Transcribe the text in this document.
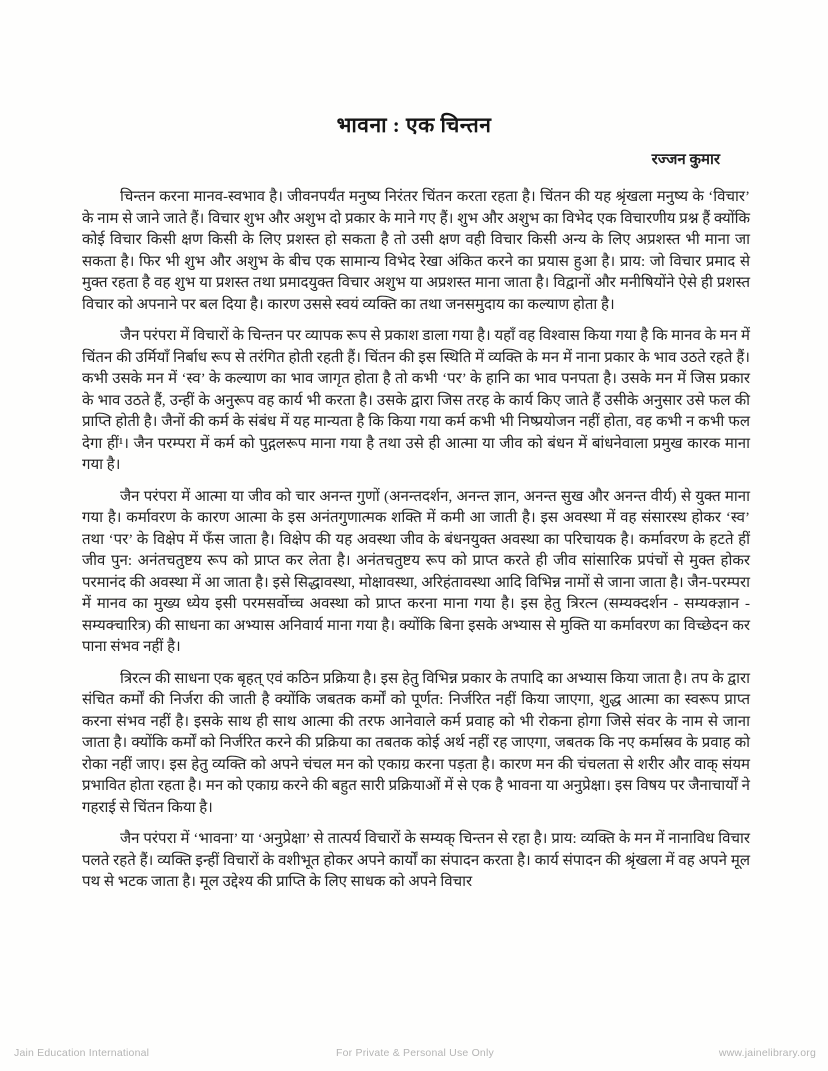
भावना : एक चिन्तन
रज्जन कुमार

चिन्तन करना मानव-स्वभाव है। जीवनपर्यंत मनुष्य निरंतर चिंतन करता रहता है। चिंतन की यह श्रृंखला मनुष्य के ‘विचार’ के नाम से जाने जाते हैं। विचार शुभ और अशुभ दो प्रकार के माने गए हैं। शुभ और अशुभ का विभेद एक विचारणीय प्रश्न हैं क्योंकि कोई विचार किसी क्षण किसी के लिए प्रशस्त हो सकता है तो उसी क्षण वही विचार किसी अन्य के लिए अप्रशस्त भी माना जा सकता है। फिर भी शुभ और अशुभ के बीच एक सामान्य विभेद रेखा अंकित करने का प्रयास हुआ है। प्राय: जो विचार प्रमाद से मुक्त रहता है वह शुभ या प्रशस्त तथा प्रमादयुक्त विचार अशुभ या अप्रशस्त माना जाता है। विद्वानों और मनीषियोंने ऐसे ही प्रशस्त विचार को अपनाने पर बल दिया है। कारण उससे स्वयं व्यक्ति का तथा जनसमुदाय का कल्याण होता है।

जैन परंपरा में विचारों के चिन्तन पर व्यापक रूप से प्रकाश डाला गया है। यहाँ वह विश्वास किया गया है कि मानव के मन में चिंतन की उर्मियाँ निर्बाध रूप से तरंगित होती रहती हैं। चिंतन की इस स्थिति में व्यक्ति के मन में नाना प्रकार के भाव उठते रहते हैं। कभी उसके मन में ‘स्व’ के कल्याण का भाव जागृत होता है तो कभी ‘पर’ के हानि का भाव पनपता है। उसके मन में जिस प्रकार के भाव उठते हैं, उन्हीं के अनुरूप वह कार्य भी करता है। उसके द्वारा जिस तरह के कार्य किए जाते हैं उसीके अनुसार उसे फल की प्राप्ति होती है। जैनों की कर्म के संबंध में यह मान्यता है कि किया गया कर्म कभी भी निष्प्रयोजन नहीं होता, वह कभी न कभी फल देगा हीं¹। जैन परम्परा में कर्म को पुद्गलरूप माना गया है तथा उसे ही आत्मा या जीव को बंधन में बांधनेवाला प्रमुख कारक माना गया है।

जैन परंपरा में आत्मा या जीव को चार अनन्त गुणों (अनन्तदर्शन, अनन्त ज्ञान, अनन्त सुख और अनन्त वीर्य) से युक्त माना गया है। कर्मावरण के कारण आत्मा के इस अनंतगुणात्मक शक्ति में कमी आ जाती है। इस अवस्था में वह संसारस्थ होकर ‘स्व’ तथा ‘पर’ के विक्षेप में फँस जाता है। विक्षेप की यह अवस्था जीव के बंधनयुक्त अवस्था का परिचायक है। कर्मावरण के हटते हीं जीव पुन: अनंतचतुष्टय रूप को प्राप्त कर लेता है। अनंतचतुष्टय रूप को प्राप्त करते ही जीव सांसारिक प्रपंचों से मुक्त होकर परमानंद की अवस्था में आ जाता है। इसे सिद्धावस्था, मोक्षावस्था, अरिहंतावस्था आदि विभिन्न नामों से जाना जाता है। जैन-परम्परा में मानव का मुख्य ध्येय इसी परमसर्वोच्च अवस्था को प्राप्त करना माना गया है। इस हेतु त्रिरत्न (सम्यक्दर्शन - सम्यक्ज्ञान - सम्यक्चारित्र) की साधना का अभ्यास अनिवार्य माना गया है। क्योंकि बिना इसके अभ्यास से मुक्ति या कर्मावरण का विच्छेदन कर पाना संभव नहीं है।

त्रिरत्न की साधना एक बृहत् एवं कठिन प्रक्रिया है। इस हेतु विभिन्न प्रकार के तपादि का अभ्यास किया जाता है। तप के द्वारा संचित कर्मों की निर्जरा की जाती है क्योंकि जबतक कर्मों को पूर्णत: निर्जरित नहीं किया जाएगा, शुद्ध आत्मा का स्वरूप प्राप्त करना संभव नहीं है। इसके साथ ही साथ आत्मा की तरफ आनेवाले कर्म प्रवाह को भी रोकना होगा जिसे संवर के नाम से जाना जाता है। क्योंकि कर्मों को निर्जरित करने की प्रक्रिया का तबतक कोई अर्थ नहीं रह जाएगा, जबतक कि नए कर्मास्रव के प्रवाह को रोका नहीं जाए। इस हेतु व्यक्ति को अपने चंचल मन को एकाग्र करना पड़ता है। कारण मन की चंचलता से शरीर और वाक् संयम प्रभावित होता रहता है। मन को एकाग्र करने की बहुत सारी प्रक्रियाओं में से एक है भावना या अनुप्रेक्षा। इस विषय पर जैनाचार्यों ने गहराई से चिंतन किया है।

जैन परंपरा में ‘भावना’ या ‘अनुप्रेक्षा’ से तात्पर्य विचारों के सम्यक् चिन्तन से रहा है। प्राय: व्यक्ति के मन में नानाविध विचार पलते रहते हैं। व्यक्ति इन्हीं विचारों के वशीभूत होकर अपने कार्यों का संपादन करता है। कार्य संपादन की श्रृंखला में वह अपने मूल पथ से भटक जाता है। मूल उद्देश्य की प्राप्ति के लिए साधक को अपने विचार

Jain Education International	For Private & Personal Use Only	www.jainelibrary.org
